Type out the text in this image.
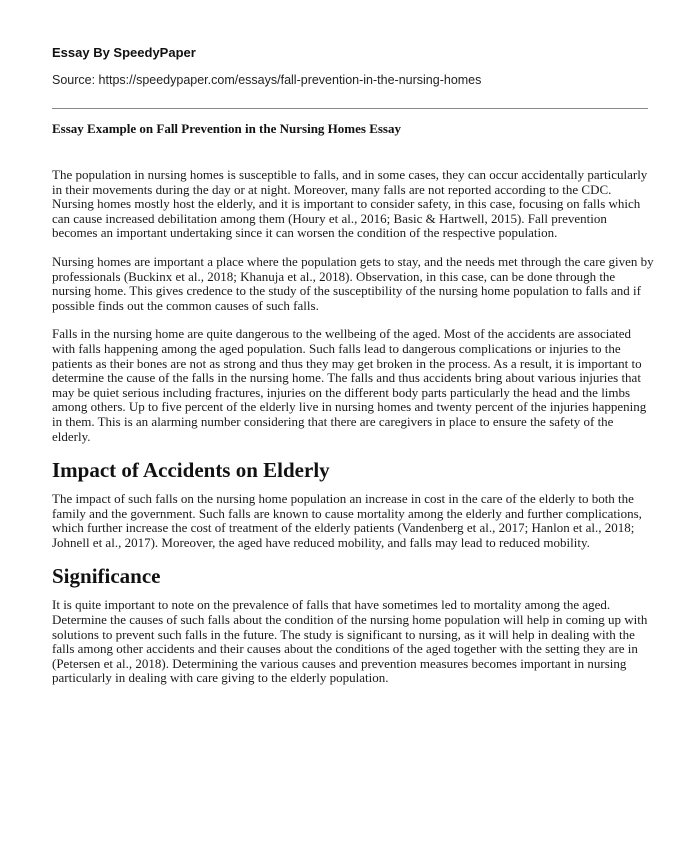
Essay By SpeedyPaper
Source: https://speedypaper.com/essays/fall-prevention-in-the-nursing-homes
Essay Example on Fall Prevention in the Nursing Homes Essay

The population in nursing homes is susceptible to falls, and in some cases, they can occur accidentally particularly in their movements during the day or at night. Moreover, many falls are not reported according to the CDC. Nursing homes mostly host the elderly, and it is important to consider safety, in this case, focusing on falls which can cause increased debilitation among them (Houry et al., 2016; Basic & Hartwell, 2015). Fall prevention becomes an important undertaking since it can worsen the condition of the respective population.

Nursing homes are important a place where the population gets to stay, and the needs met through the care given by professionals (Buckinx et al., 2018; Khanuja et al., 2018). Observation, in this case, can be done through the nursing home. This gives credence to the study of the susceptibility of the nursing home population to falls and if possible finds out the common causes of such falls.

Falls in the nursing home are quite dangerous to the wellbeing of the aged. Most of the accidents are associated with falls happening among the aged population. Such falls lead to dangerous complications or injuries to the patients as their bones are not as strong and thus they may get broken in the process. As a result, it is important to determine the cause of the falls in the nursing home. The falls and thus accidents bring about various injuries that may be quiet serious including fractures, injuries on the different body parts particularly the head and the limbs among others. Up to five percent of the elderly live in nursing homes and twenty percent of the injuries happening in them. This is an alarming number considering that there are caregivers in place to ensure the safety of the elderly.

Impact of Accidents on Elderly

The impact of such falls on the nursing home population an increase in cost in the care of the elderly to both the family and the government. Such falls are known to cause mortality among the elderly and further complications, which further increase the cost of treatment of the elderly patients (Vandenberg et al., 2017; Hanlon et al., 2018; Johnell et al., 2017). Moreover, the aged have reduced mobility, and falls may lead to reduced mobility.

Significance

It is quite important to note on the prevalence of falls that have sometimes led to mortality among the aged. Determine the causes of such falls about the condition of the nursing home population will help in coming up with solutions to prevent such falls in the future. The study is significant to nursing, as it will help in dealing with the falls among other accidents and their causes about the conditions of the aged together with the setting they are in (Petersen et al., 2018). Determining the various causes and prevention measures becomes important in nursing particularly in dealing with care giving to the elderly population.
